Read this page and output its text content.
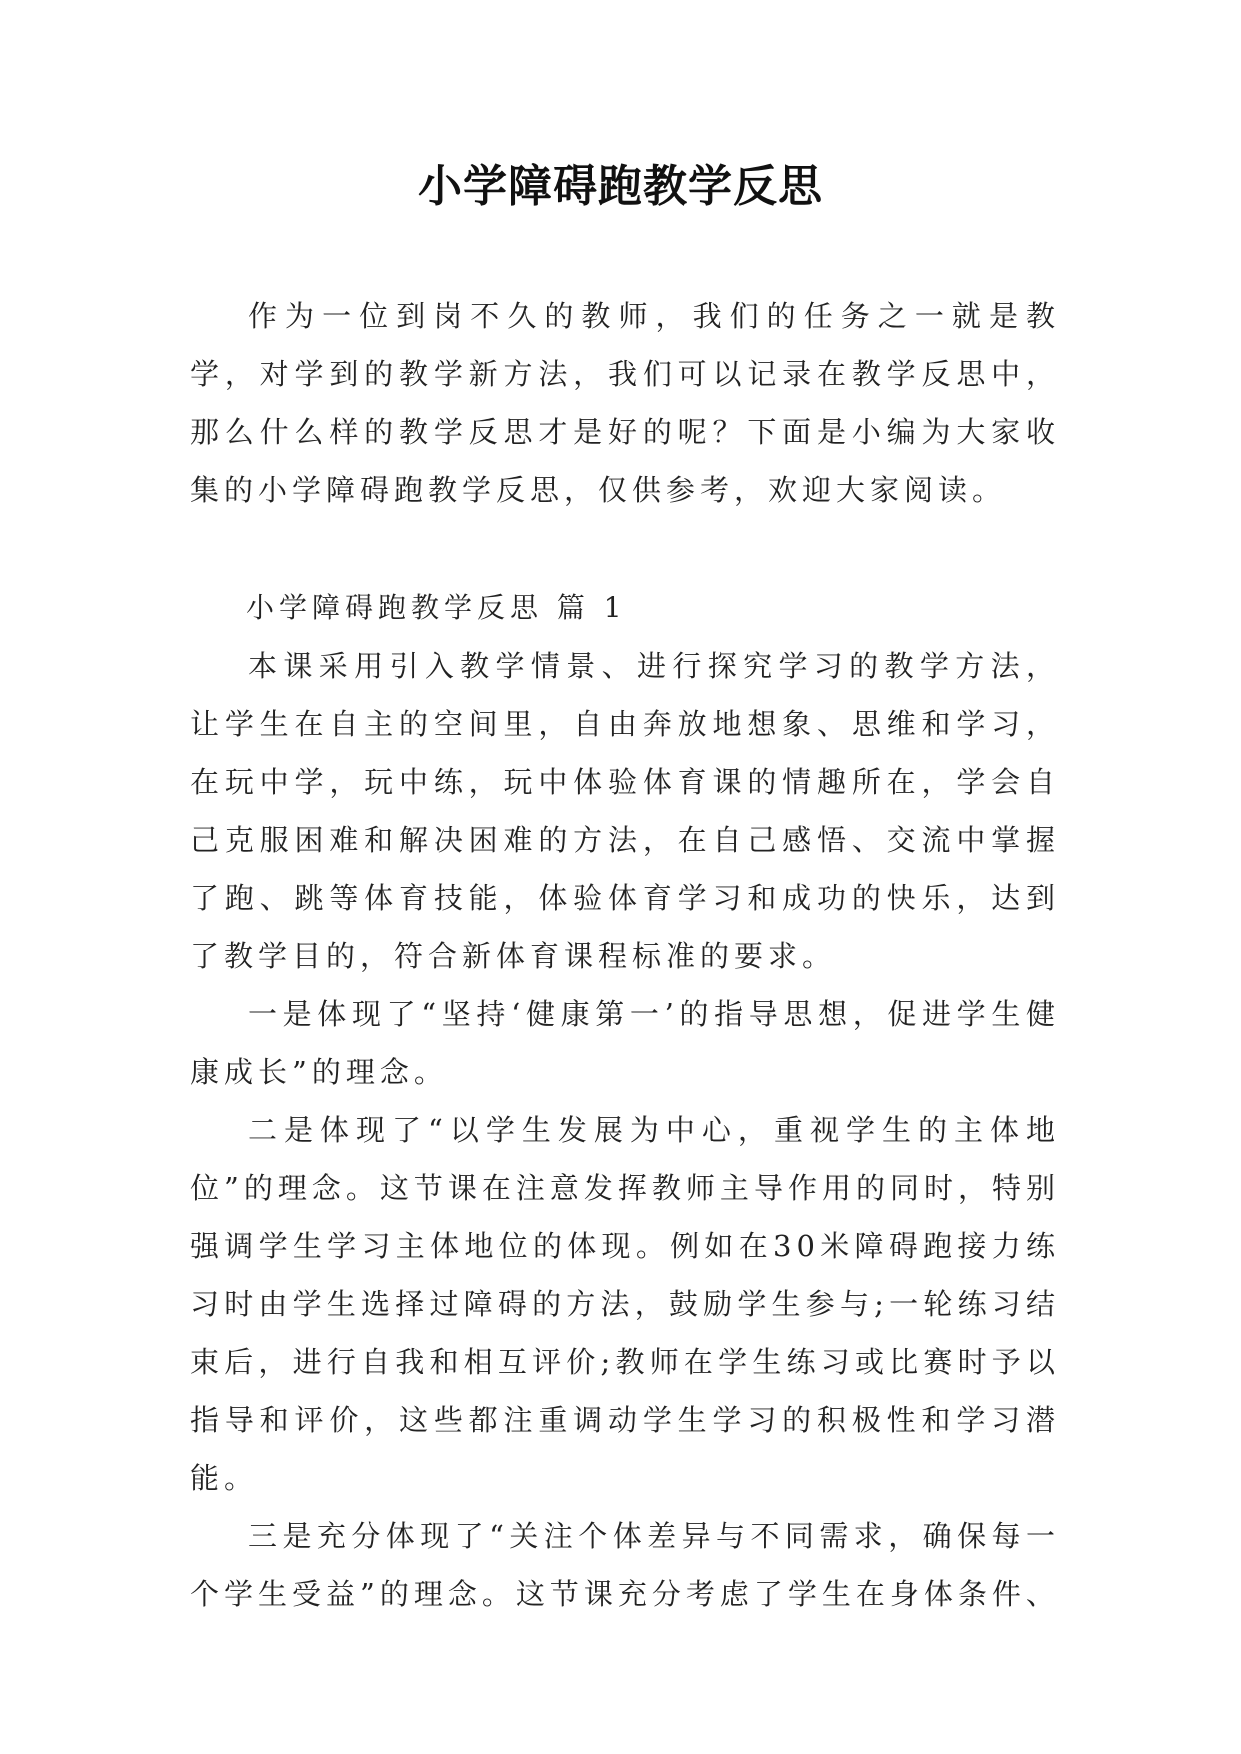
小学障碍跑教学反思

作为一位到岗不久的教师，我们的任务之一就是教学，对学到的教学新方法，我们可以记录在教学反思中，那么什么样的教学反思才是好的呢？下面是小编为大家收集的小学障碍跑教学反思，仅供参考，欢迎大家阅读。

小学障碍跑教学反思 篇 1

本课采用引入教学情景、进行探究学习的教学方法，让学生在自主的空间里，自由奔放地想象、思维和学习，在玩中学，玩中练，玩中体验体育课的情趣所在，学会自己克服困难和解决困难的方法，在自己感悟、交流中掌握了跑、跳等体育技能，体验体育学习和成功的快乐，达到了教学目的，符合新体育课程标准的要求。

一是体现了“坚持‘健康第一’的指导思想，促进学生健康成长”的理念。

二是体现了“以学生发展为中心，重视学生的主体地位”的理念。这节课在注意发挥教师主导作用的同时，特别强调学生学习主体地位的体现。例如在30米障碍跑接力练习时由学生选择过障碍的方法，鼓励学生参与;一轮练习结束后，进行自我和相互评价;教师在学生练习或比赛时予以指导和评价，这些都注重调动学生学习的积极性和学习潜能。

三是充分体现了“关注个体差异与不同需求，确保每一个学生受益”的理念。这节课充分考虑了学生在身体条件、
